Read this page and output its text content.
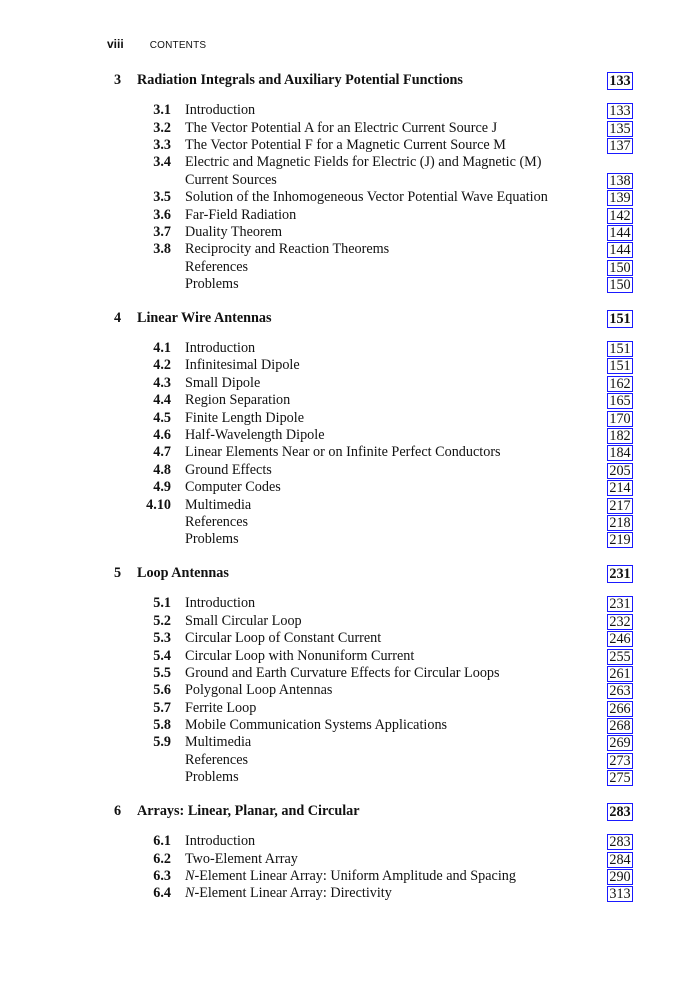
viii	CONTENTS
3 Radiation Integrals and Auxiliary Potential Functions	133
3.1 Introduction	133
3.2 The Vector Potential A for an Electric Current Source J	135
3.3 The Vector Potential F for a Magnetic Current Source M	137
3.4 Electric and Magnetic Fields for Electric (J) and Magnetic (M)
Current Sources	138
3.5 Solution of the Inhomogeneous Vector Potential Wave Equation	139
3.6 Far-Field Radiation	142
3.7 Duality Theorem	144
3.8 Reciprocity and Reaction Theorems	144
References	150
Problems	150
4 Linear Wire Antennas	151
4.1 Introduction	151
4.2 Infinitesimal Dipole	151
4.3 Small Dipole	162
4.4 Region Separation	165
4.5 Finite Length Dipole	170
4.6 Half-Wavelength Dipole	182
4.7 Linear Elements Near or on Infinite Perfect Conductors	184
4.8 Ground Effects	205
4.9 Computer Codes	214
4.10 Multimedia	217
References	218
Problems	219
5 Loop Antennas	231
5.1 Introduction	231
5.2 Small Circular Loop	232
5.3 Circular Loop of Constant Current	246
5.4 Circular Loop with Nonuniform Current	255
5.5 Ground and Earth Curvature Effects for Circular Loops	261
5.6 Polygonal Loop Antennas	263
5.7 Ferrite Loop	266
5.8 Mobile Communication Systems Applications	268
5.9 Multimedia	269
References	273
Problems	275
6 Arrays: Linear, Planar, and Circular	283
6.1 Introduction	283
6.2 Two-Element Array	284
6.3 N-Element Linear Array: Uniform Amplitude and Spacing	290
6.4 N-Element Linear Array: Directivity	313
